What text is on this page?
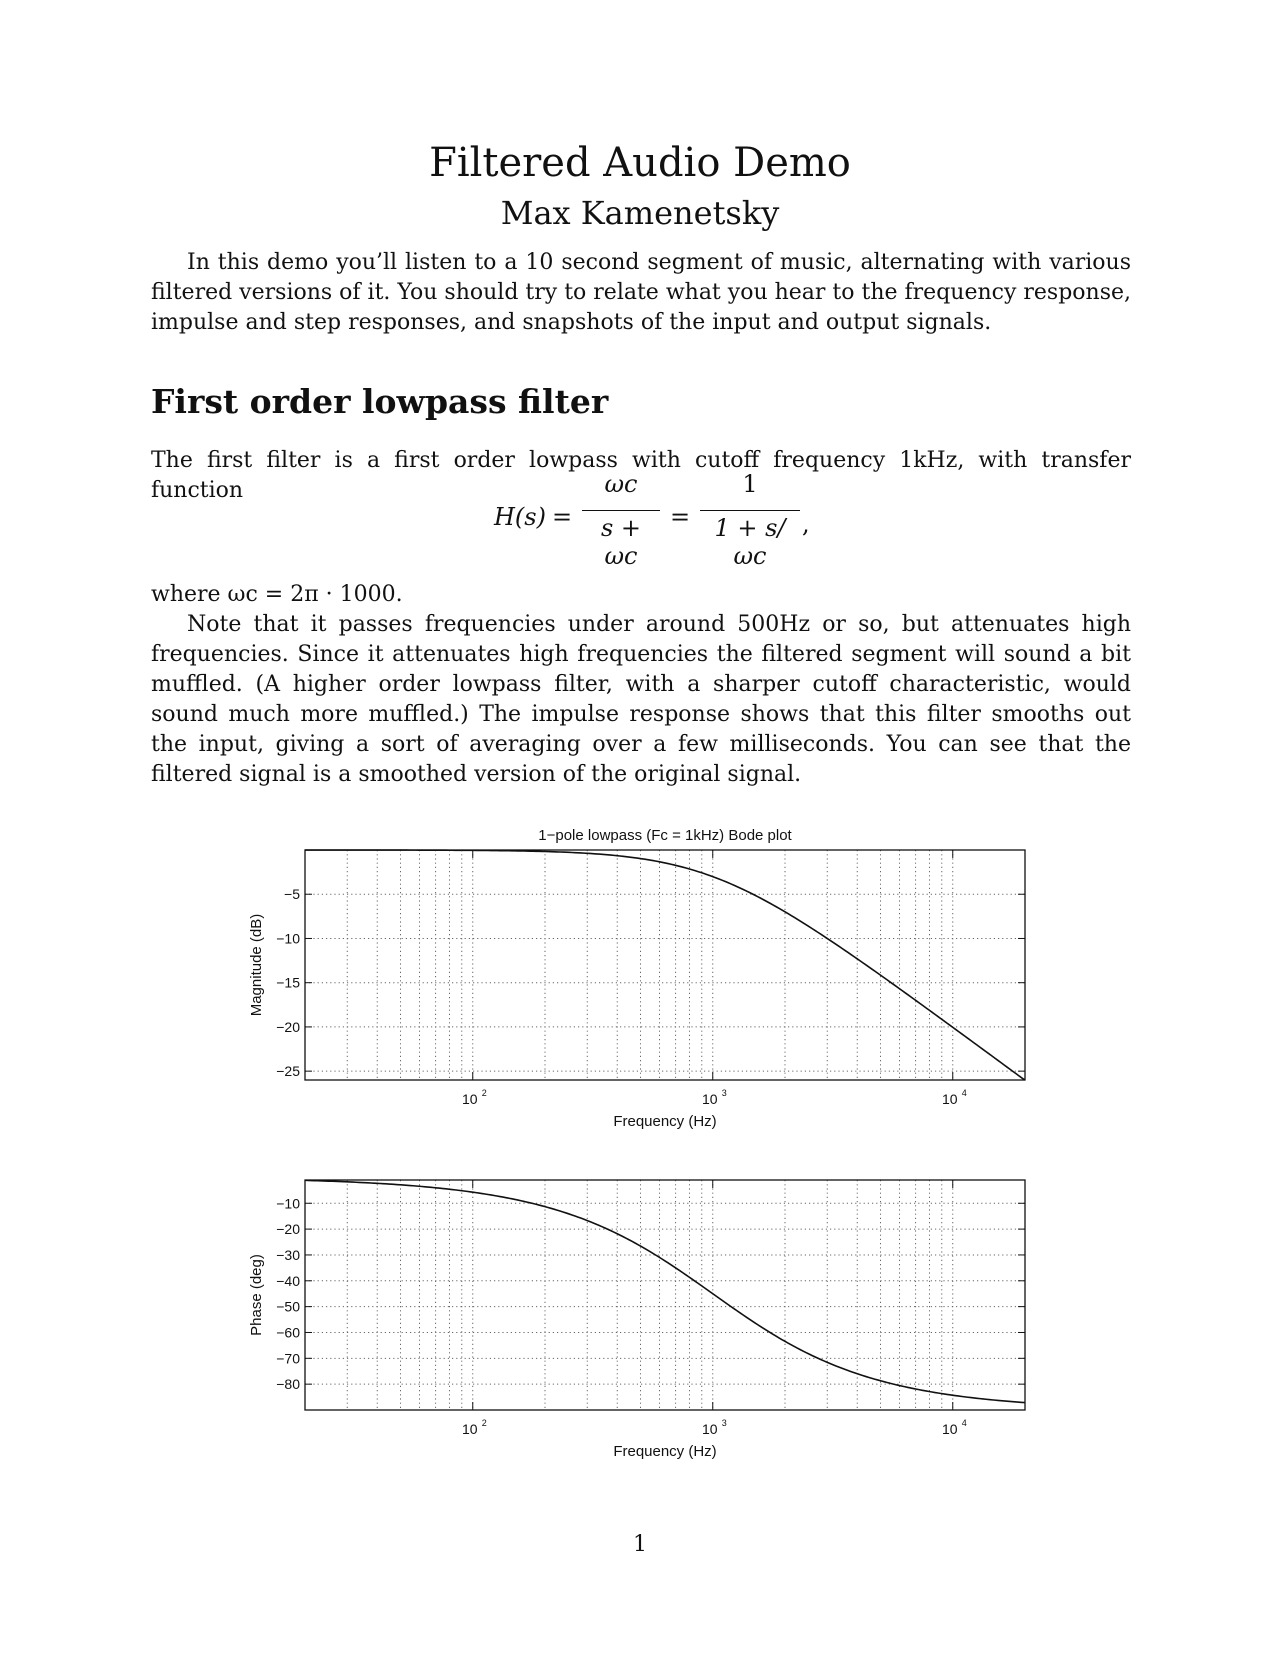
Filtered Audio Demo
Max Kamenetsky

In this demo you’ll listen to a 10 second segment of music, alternating with various filtered versions of it. You should try to relate what you hear to the frequency response, impulse and step responses, and snapshots of the input and output signals.

First order lowpass filter

The first filter is a first order lowpass with cutoff frequency 1kHz, with transfer function

H(s) =
ωc
s + ωc
=
1
1 + s/ωc
,

where ωc = 2π · 1000.

Note that it passes frequencies under around 500Hz or so, but attenuates high frequencies. Since it attenuates high frequencies the filtered segment will sound a bit muffled. (A higher order lowpass filter, with a sharper cutoff characteristic, would sound much more muffled.) The impulse response shows that this filter smooths out the input, giving a sort of averaging over a few milliseconds. You can see that the filtered signal is a smoothed version of the original signal.

1−pole lowpass (Fc = 1kHz) Bode plot
−5
−10
−15
−20
−25
10 2	10 3	10 4
Frequency (Hz)
Magnitude (dB)
−10
−20
−30
−40
−50
−60
−70
−80
10 2	10 3	10 4
Frequency (Hz)
Phase (deg)
1
